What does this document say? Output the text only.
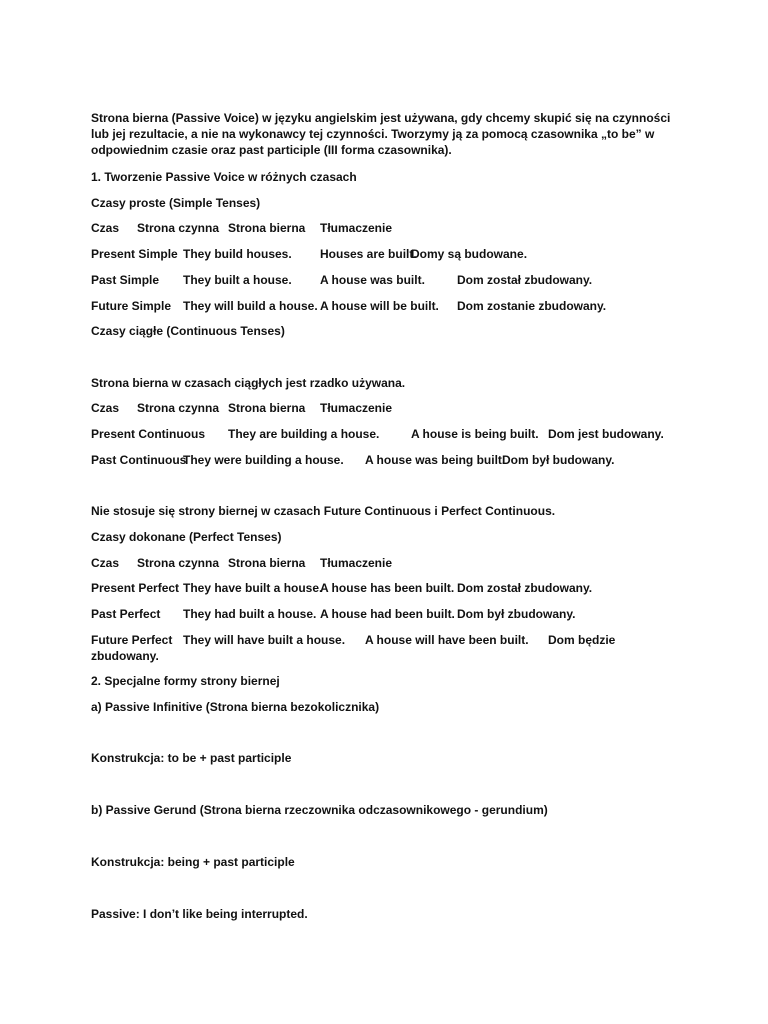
Strona bierna (Passive Voice) w języku angielskim jest używana, gdy chcemy skupić się na czynności lub jej rezultacie, a nie na wykonawcy tej czynności. Tworzymy ją za pomocą czasownika „to be” w odpowiednim czasie oraz past participle (III forma czasownika).
1. Tworzenie Passive Voice w różnych czasach
Czasy proste (Simple Tenses)
Czas Strona czynna Strona bierna Tłumaczenie
Present Simple They build houses. Houses are built.
Domy są budowane.
Past Simple They built a house. A house was built.	Dom został zbudowany.
Future Simple They will build a house. A house will be built. Dom zostanie zbudowany.
Czasy ciągłe (Continuous Tenses)
Strona bierna w czasach ciągłych jest rzadko używana.
Czas Strona czynna Strona bierna Tłumaczenie
Present Continuous They are building a house.	A house is being built. Dom jest budowany.
Past Continuous
They were building a house. A house was being built.
Dom był budowany.
Nie stosuje się strony biernej w czasach Future Continuous i Perfect Continuous.
Czasy dokonane (Perfect Tenses)
Czas Strona czynna Strona bierna Tłumaczenie
Present Perfect They have built a house.
A house has been built. Dom został zbudowany.
Past Perfect They had built a house. A house had been built. Dom był zbudowany.
Future Perfect They will have built a house. A house will have been built. Dom będzie
zbudowany.
2. Specjalne formy strony biernej
a) Passive Infinitive (Strona bierna bezokolicznika)
Konstrukcja: to be + past participle
b) Passive Gerund (Strona bierna rzeczownika odczasownikowego - gerundium)
Konstrukcja: being + past participle
Passive: I don’t like being interrupted.
